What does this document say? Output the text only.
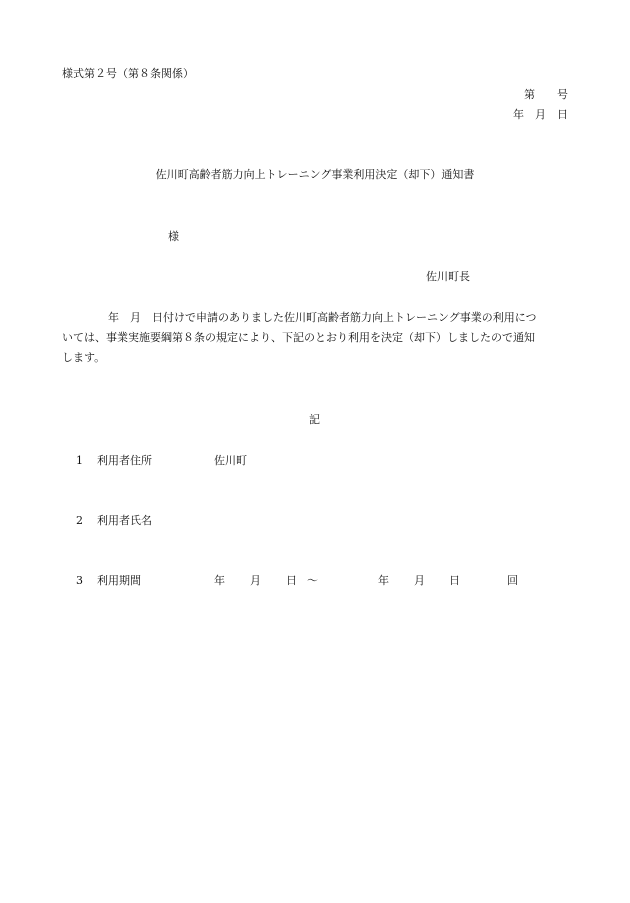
様式第２号（第８条関係）
第　　号
年　月　日
佐川町高齢者筋力向上トレーニング事業利用決定（却下）通知書
様
佐川町長
年　月　日付けで申請のありました佐川町高齢者筋力向上トレーニング事業の利用につ
いては、事業実施要綱第８条の規定により、下記のとおり利用を決定（却下）しましたので通知
します。
記
1 利用者住所	佐川町
2 利用者氏名
3 利用期間	年 月 日 ～	年 月 日	回
